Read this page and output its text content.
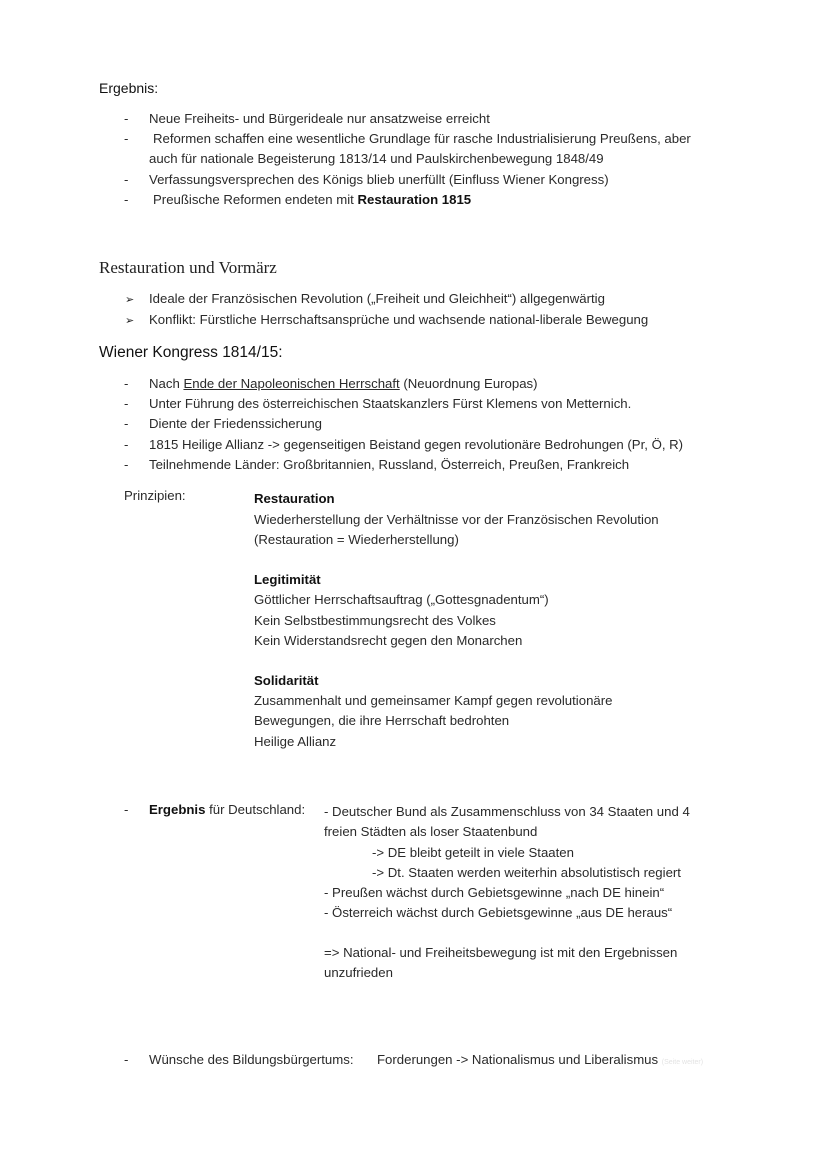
Ergebnis:
- Neue Freiheits- und Bürgerideale nur ansatzweise erreicht
- Reformen schaffen eine wesentliche Grundlage für rasche Industrialisierung Preußens, aber
auch für nationale Begeisterung 1813/14 und Paulskirchenbewegung 1848/49
- Verfassungsversprechen des Königs blieb unerfüllt (Einfluss Wiener Kongress)
- Preußische Reformen endeten mit Restauration 1815
Restauration und Vormärz
➢ Ideale der Französischen Revolution („Freiheit und Gleichheit“) allgegenwärtig
➢ Konflikt: Fürstliche Herrschaftsansprüche und wachsende national-liberale Bewegung
Wiener Kongress 1814/15:
- Nach Ende der Napoleonischen Herrschaft (Neuordnung Europas)
- Unter Führung des österreichischen Staatskanzlers Fürst Klemens von Metternich.
- Diente der Friedenssicherung
- 1815 Heilige Allianz -> gegenseitigen Beistand gegen revolutionäre Bedrohungen (Pr, Ö, R)
- Teilnehmende Länder: Großbritannien, Russland, Österreich, Preußen, Frankreich
Prinzipien:	Restauration
Wiederherstellung der Verhältnisse vor der Französischen Revolution
(Restauration = Wiederherstellung)
Legitimität
Göttlicher Herrschaftsauftrag („Gottesgnadentum“)
Kein Selbstbestimmungsrecht des Volkes
Kein Widerstandsrecht gegen den Monarchen
Solidarität
Zusammenhalt und gemeinsamer Kampf gegen revolutionäre
Bewegungen, die ihre Herrschaft bedrohten
Heilige Allianz
- Ergebnis für Deutschland: - Deutscher Bund als Zusammenschluss von 34 Staaten und 4
freien Städten als loser Staatenbund
-> DE bleibt geteilt in viele Staaten
-> Dt. Staaten werden weiterhin absolutistisch regiert
- Preußen wächst durch Gebietsgewinne „nach DE hinein“
- Österreich wächst durch Gebietsgewinne „aus DE heraus“
=> National- und Freiheitsbewegung ist mit den Ergebnissen
unzufrieden
- Wünsche des Bildungsbürgertums: Forderungen -> Nationalismus und Liberalismus (Seite weiter)
